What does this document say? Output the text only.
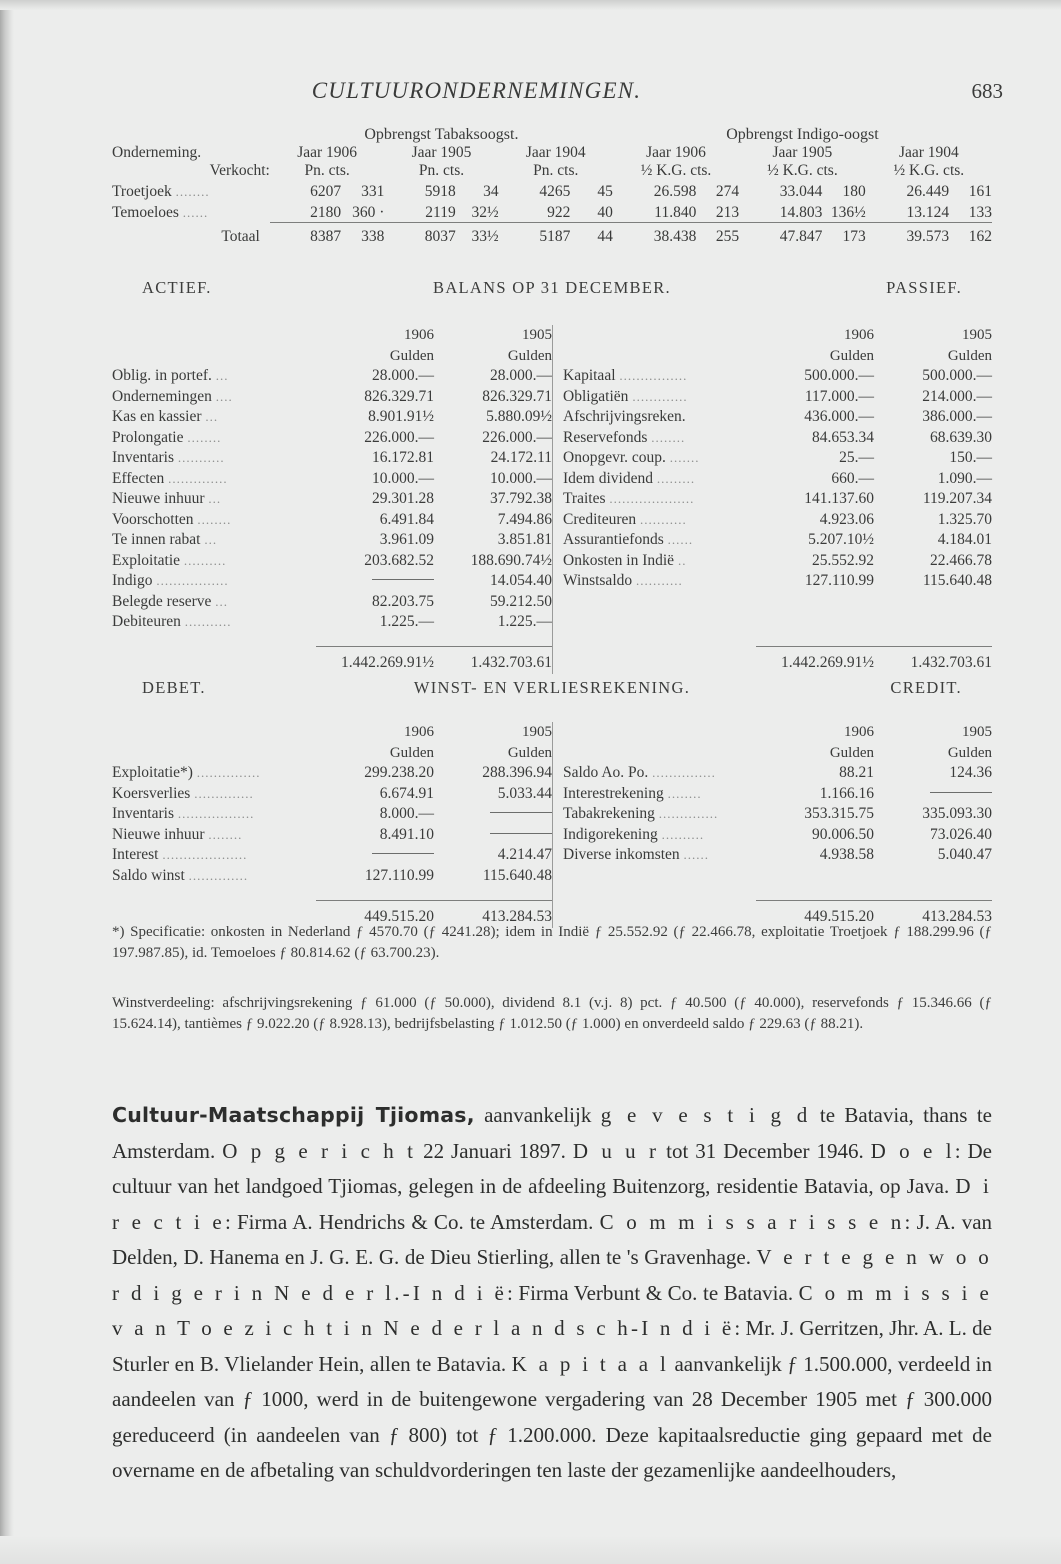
CULTUURONDERNEMINGEN.	683
	Opbrengst Tabaksoogst.						Opbrengst Indigo-oogst					
Onderneming.	Jaar 1906		Jaar 1905		Jaar 1904		Jaar 1906		Jaar 1905		Jaar 1904	
Verkocht:	Pn. cts.		Pn. cts.		Pn. cts.		½ K.G. cts.		½ K.G. cts.		½ K.G. cts.	
Troetjoek ........	6207	331	5918	34	4265	45	26.598	274	33.044	180	26.449	161
Temoeloes ......	2180	360 ·	2119	32½	922	40	11.840	213	14.803	136½	13.124	133
Totaal	8387	338	8037	33½	5187	44	38.438	255	47.847	173	39.573	162
ACTIEF.	BALANS OP 31 DECEMBER.	PASSIEF.
	1906	1905
	Gulden	Gulden
Oblig. in portef. ...	28.000.—	28.000.—
Ondernemingen ....	826.329.71	826.329.71
Kas en kassier ...	8.901.91½	5.880.09½
Prolongatie ........	226.000.—	226.000.—
Inventaris ...........	16.172.81	24.172.11
Effecten ..............	10.000.—	10.000.—
Nieuwe inhuur ...	29.301.28	37.792.38
Voorschotten ........	6.491.84	7.494.86
Te innen rabat ...	3.961.09	3.851.81
Exploitatie ..........	203.682.52	188.690.74½
Indigo .................		14.054.40
Belegde reserve ...	82.203.75	59.212.50
Debiteuren ...........	1.225.—	1.225.—

	1.442.269.91½	1.432.703.61
	1906	1905
	Gulden	Gulden
Kapitaal ................	500.000.—	500.000.—
Obligatiën .............	117.000.—	214.000.—
Afschrijvingsreken.	436.000.—	386.000.—
Reservefonds ........	84.653.34	68.639.30
Onopgevr. coup. .......	25.—	150.—
Idem dividend .........	660.—	1.090.—
Traites ....................	141.137.60	119.207.34
Crediteuren ...........	4.923.06	1.325.70
Assurantiefonds ......	5.207.10½	4.184.01
Onkosten in Indië ..	25.552.92	22.466.78
Winstsaldo ...........	127.110.99	115.640.48

	1.442.269.91½	1.432.703.61
DEBET.	WINST- EN VERLIESREKENING.	CREDIT.
	1906	1905
	Gulden	Gulden
Exploitatie*) ...............	299.238.20	288.396.94
Koersverlies ..............	6.674.91	5.033.44
Inventaris ..................	8.000.—	
Nieuwe inhuur ........	8.491.10	
Interest ....................		4.214.47
Saldo winst ..............	127.110.99	115.640.48

	449.515.20	413.284.53
	1906	1905
	Gulden	Gulden
Saldo Ao. Po. ...............	88.21	124.36
Interestrekening ........	1.166.16	
Tabakrekening ..............	353.315.75	335.093.30
Indigorekening ..........	90.006.50	73.026.40
Diverse inkomsten ......	4.938.58	5.040.47

	449.515.20	413.284.53
*) Specificatie: onkosten in Nederland ƒ 4570.70 (ƒ 4241.28); idem in Indië ƒ 25.552.92 (ƒ 22.466.78, exploitatie Troetjoek ƒ 188.299.96 (ƒ 197.987.85), id. Temoeloes ƒ 80.814.62 (ƒ 63.700.23).
Winstverdeeling: afschrijvingsrekening ƒ 61.000 (ƒ 50.000), dividend 8.1 (v.j. 8) pct. ƒ 40.500 (ƒ 40.000), reservefonds ƒ 15.346.66 (ƒ 15.624.14), tantièmes ƒ 9.022.20 (ƒ 8.928.13), bedrijfsbelasting ƒ 1.012.50 (ƒ 1.000) en onverdeeld saldo ƒ 229.63 (ƒ 88.21).

Cultuur-Maatschappij Tjiomas, aanvankelijk g e v e s t i g d te Batavia, thans te Amsterdam. O p g e r i c h t 22 Januari 1897. D u u r tot 31 December 1946. D o e l: De cultuur van het landgoed Tjiomas, gelegen in de afdeeling Buitenzorg, residentie Batavia, op Java. D i r e c t i e: Firma A. Hendrichs & Co. te Amsterdam. C o m m i s s a r i s s e n: J. A. van Delden, D. Hanema en J. G. E. G. de Dieu Stierling, allen te 's Gravenhage. V e r t e g e n w o o r d i g e r i n N e d e r l.-I n d i ë: Firma Verbunt & Co. te Batavia. C o m m i s s i e v a n T o e z i c h t i n N e d e r l a n d s c h-I n d i ë: Mr. J. Gerritzen, Jhr. A. L. de Sturler en B. Vlielander Hein, allen te Batavia. K a p i t a a l aanvankelijk ƒ 1.500.000, verdeeld in aandeelen van ƒ 1000, werd in de buitengewone vergadering van 28 December 1905 met ƒ 300.000 gereduceerd (in aandeelen van ƒ 800) tot ƒ 1.200.000. Deze kapitaalsreductie ging gepaard met de overname en de afbetaling van schuldvorderingen ten laste der gezamenlijke aandeelhouders,
